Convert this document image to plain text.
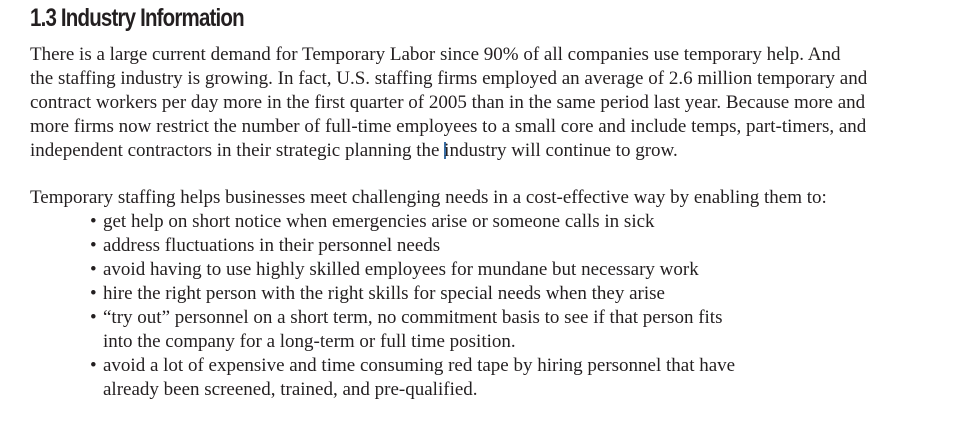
1.3 Industry Information

There is a large current demand for Temporary Labor since 90% of all companies use temporary help. And
the staffing industry is growing. In fact, U.S. staffing firms employed an average of 2.6 million temporary and
contract workers per day more in the first quarter of 2005 than in the same period last year. Because more and
more firms now restrict the number of full-time employees to a small core and include temps, part-timers, and
independent contractors in their strategic planning the industry will continue to grow.

Temporary staffing helps businesses meet challenging needs in a cost-effective way by enabling them to:

• get help on short notice when emergencies arise or someone calls in sick
• address fluctuations in their personnel needs
• avoid having to use highly skilled employees for mundane but necessary work
• hire the right person with the right skills for special needs when they arise
• “try out” personnel on a short term, no commitment basis to see if that person fits
into the company for a long-term or full time position.
• avoid a lot of expensive and time consuming red tape by hiring personnel that have
already been screened, trained, and pre-qualified.
